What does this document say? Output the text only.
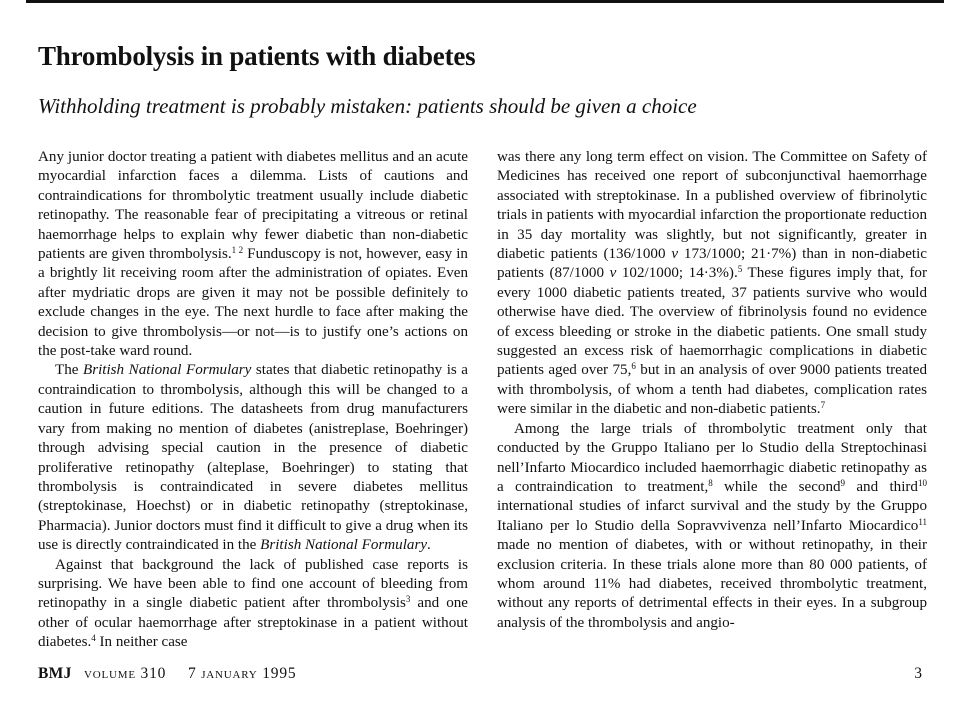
Thrombolysis in patients with diabetes

Withholding treatment is probably mistaken: patients should be given a choice

Any junior doctor treating a patient with diabetes mellitus and an acute myocardial infarction faces a dilemma. Lists of cautions and contraindications for thrombolytic treatment usually include diabetic retinopathy. The reasonable fear of precipitating a vitreous or retinal haemorrhage helps to explain why fewer diabetic than non-diabetic patients are given thrombolysis.$^{1 2}$ Funduscopy is not, however, easy in a brightly lit receiving room after the administration of opiates. Even after mydriatic drops are given it may not be possible definitely to exclude changes in the eye. The next hurdle to face after making the decision to give thrombolysis—or not—is to justify one’s actions on the post-take ward round.

The British National Formulary states that diabetic retinopathy is a contraindication to thrombolysis, although this will be changed to a caution in future editions. The datasheets from drug manufacturers vary from making no mention of diabetes (anistreplase, Boehringer) through advising special caution in the presence of diabetic proliferative retinopathy (alteplase, Boehringer) to stating that thrombolysis is contraindicated in severe diabetes mellitus (streptokinase, Hoechst) or in diabetic retinopathy (streptokinase, Pharmacia). Junior doctors must find it difficult to give a drug when its use is directly contraindicated in the British National Formulary.

Against that background the lack of published case reports is surprising. We have been able to find one account of bleeding from retinopathy in a single diabetic patient after thrombolysis$^3$ and one other of ocular haemorrhage after streptokinase in a patient without diabetes.$^4$ In neither case

was there any long term effect on vision. The Committee on Safety of Medicines has received one report of subconjunctival haemorrhage associated with streptokinase. In a published overview of fibrinolytic trials in patients with myocardial infarction the proportionate reduction in 35 day mortality was slightly, but not significantly, greater in diabetic patients (136/1000 v 173/1000; 21·7%) than in non-diabetic patients (87/1000 v 102/1000; 14·3%).$^5$ These figures imply that, for every 1000 diabetic patients treated, 37 patients survive who would otherwise have died. The overview of fibrinolysis found no evidence of excess bleeding or stroke in the diabetic patients. One small study suggested an excess risk of haemorrhagic complications in diabetic patients aged over 75,$^6$ but in an analysis of over 9000 patients treated with thrombolysis, of whom a tenth had diabetes, complication rates were similar in the diabetic and non-diabetic patients.$^7$

Among the large trials of thrombolytic treatment only that conducted by the Gruppo Italiano per lo Studio della Streptochinasi nell’Infarto Miocardico included haemorrhagic diabetic retinopathy as a contraindication to treatment,$^8$ while the second$^9$ and third$^{10}$ international studies of infarct survival and the study by the Gruppo Italiano per lo Studio della Sopravvivenza nell’Infarto Miocardico$^{11}$ made no mention of diabetes, with or without retinopathy, in their exclusion criteria. In these trials alone more than 80 000 patients, of whom around 11% had diabetes, received thrombolytic treatment, without any reports of detrimental effects in their eyes. In a subgroup analysis of the thrombolysis and angio-

BMJ volume 310 7 january 1995	3
